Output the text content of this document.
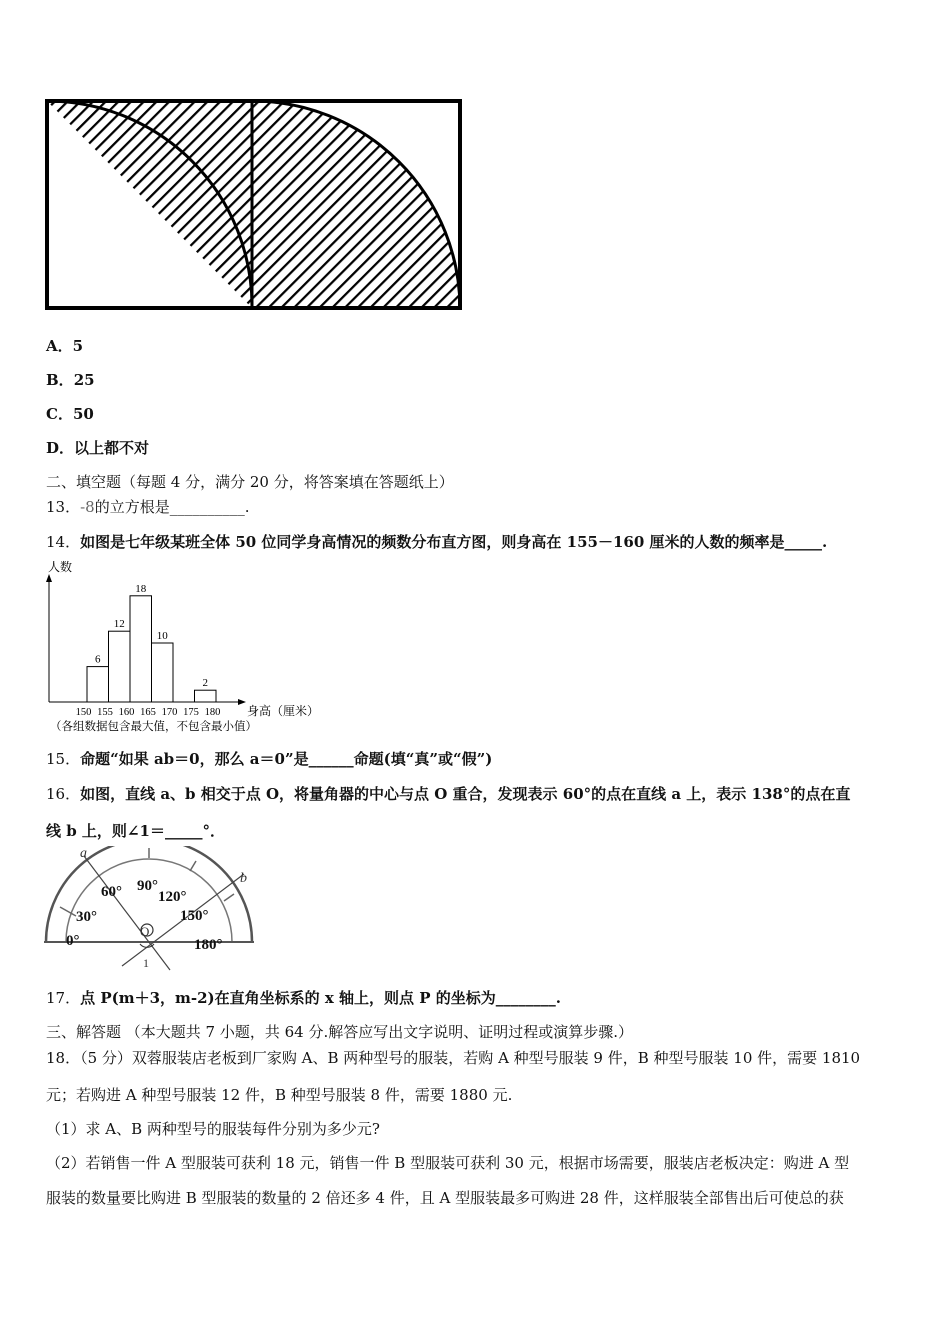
A．5
B．25
C．50
D．以上都不对
二、填空题（每题 4 分，满分 20 分，将答案填在答题纸上）
13．-8的立方根是__________.
14．如图是七年级某班全体 50 位同学身高情况的频数分布直方图，则身高在 155－160 厘米的人数的频率是_____.
人数
6
12
18
10
2
150 155 160 165 170 175 180 身高（厘米）
（各组数据包含最大值，不包含最小值）
15．命题“如果 ab＝0，那么 a＝0”是______命题(填“真”或“假”)
16．如图，直线 a、b 相交于点 O，将量角器的中心与点 O 重合，发现表示 60°的点在直线 a 上，表示 138°的点在直
线 b 上，则∠1＝_____°．
a
b
O
1
0°
30°
60° 90°
120°
150°
180°
17．点 P(m＋3，m-2)在直角坐标系的 x 轴上，则点 P 的坐标为________.
三、解答题 （本大题共 7 小题，共 64 分.解答应写出文字说明、证明过程或演算步骤.）
18．（5 分）双蓉服装店老板到厂家购 A、B 两种型号的服装，若购 A 种型号服装 9 件，B 种型号服装 10 件，需要 1810
元；若购进 A 种型号服装 12 件，B 种型号服装 8 件，需要 1880 元.
（1）求 A、B 两种型号的服装每件分别为多少元?
（2）若销售一件 A 型服装可获利 18 元，销售一件 B 型服装可获利 30 元，根据市场需要，服装店老板决定：购进 A 型
服装的数量要比购进 B 型服装的数量的 2 倍还多 4 件，且 A 型服装最多可购进 28 件，这样服装全部售出后可使总的获
